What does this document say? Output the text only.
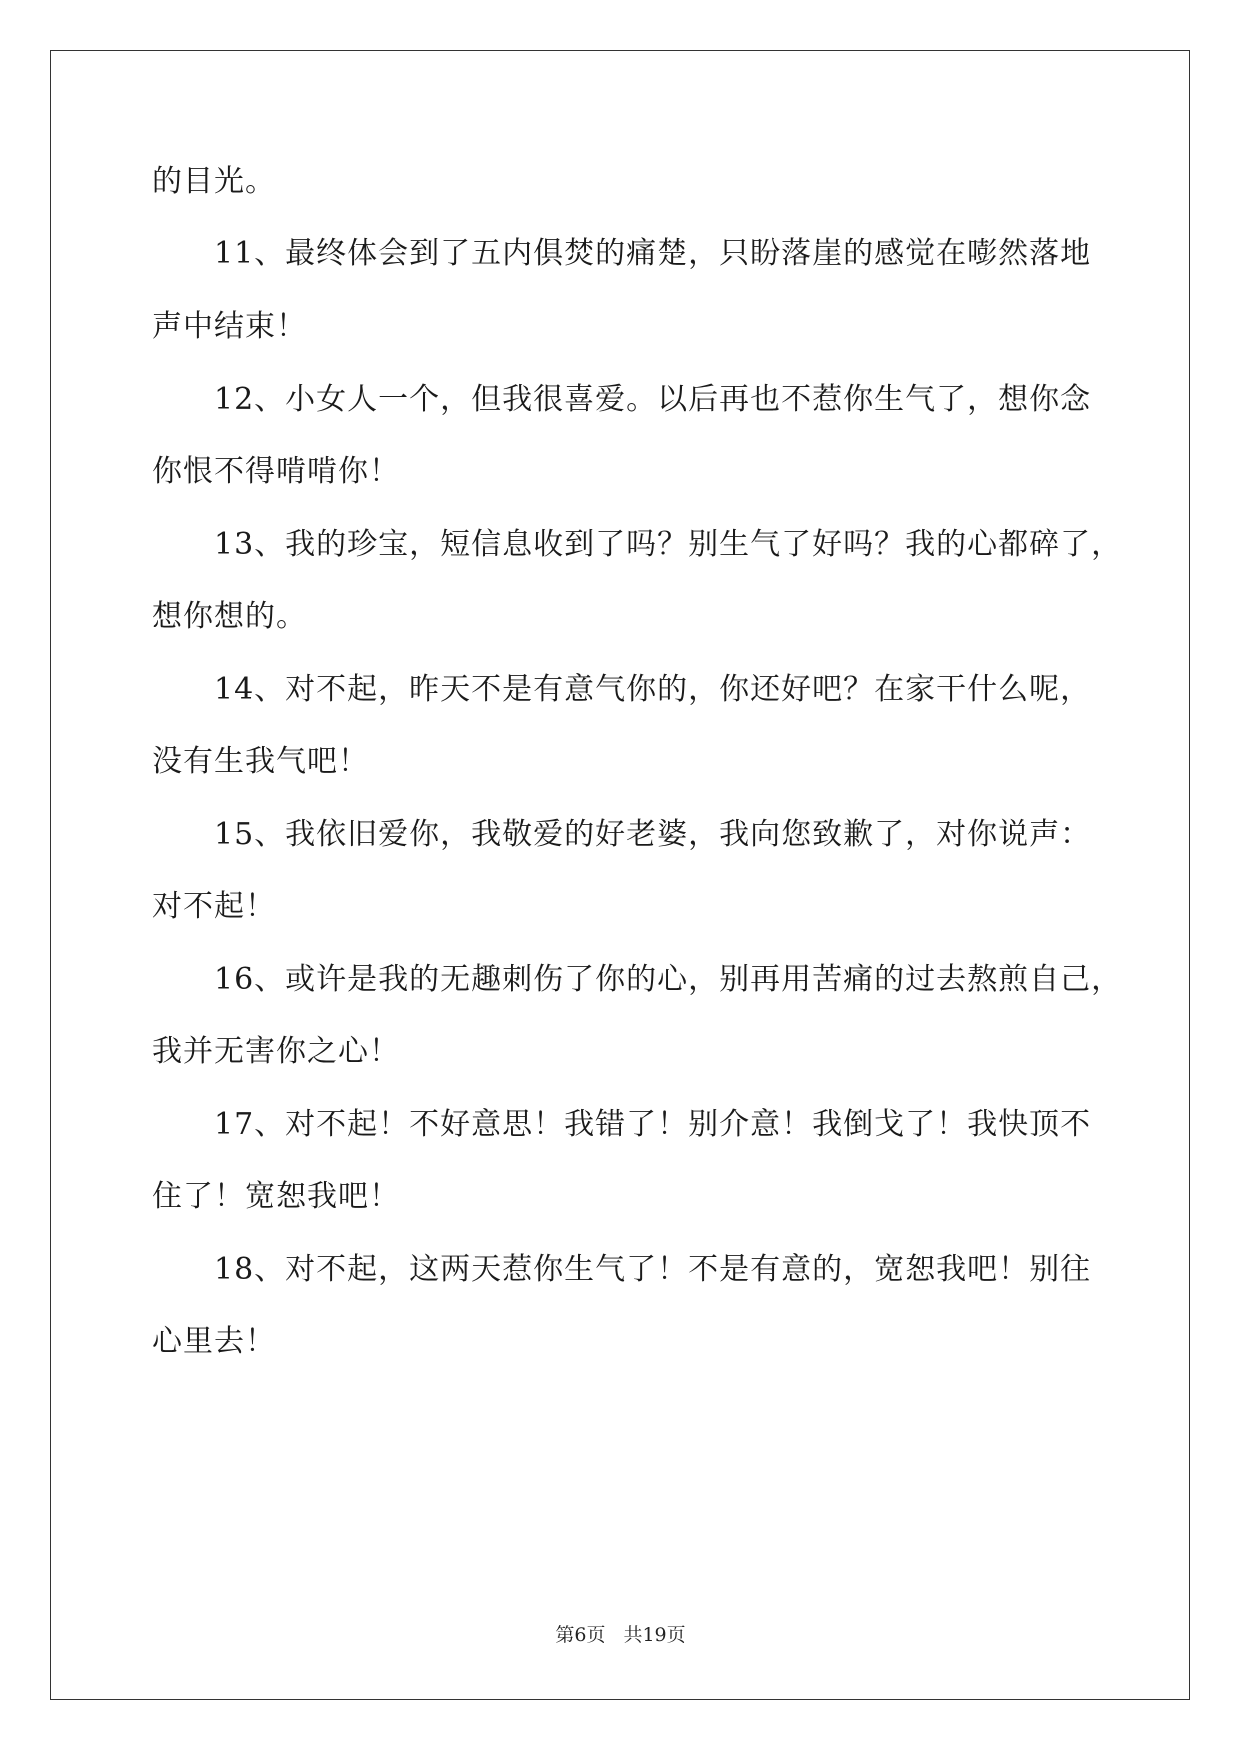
的目光。
11、最终体会到了五内俱焚的痛楚，只盼落崖的感觉在嘭然落地
声中结束！
12、小女人一个，但我很喜爱。以后再也不惹你生气了，想你念
你恨不得啃啃你！
13、我的珍宝，短信息收到了吗？别生气了好吗？我的心都碎了，
想你想的。
14、对不起，昨天不是有意气你的，你还好吧？在家干什么呢，
没有生我气吧！
15、我依旧爱你，我敬爱的好老婆，我向您致歉了，对你说声：
对不起！
16、或许是我的无趣刺伤了你的心，别再用苦痛的过去熬煎自己，
我并无害你之心！
17、对不起！不好意思！我错了！别介意！我倒戈了！我快顶不
住了！宽恕我吧！
18、对不起，这两天惹你生气了！不是有意的，宽恕我吧！别往
心里去！
第6页 共19页
